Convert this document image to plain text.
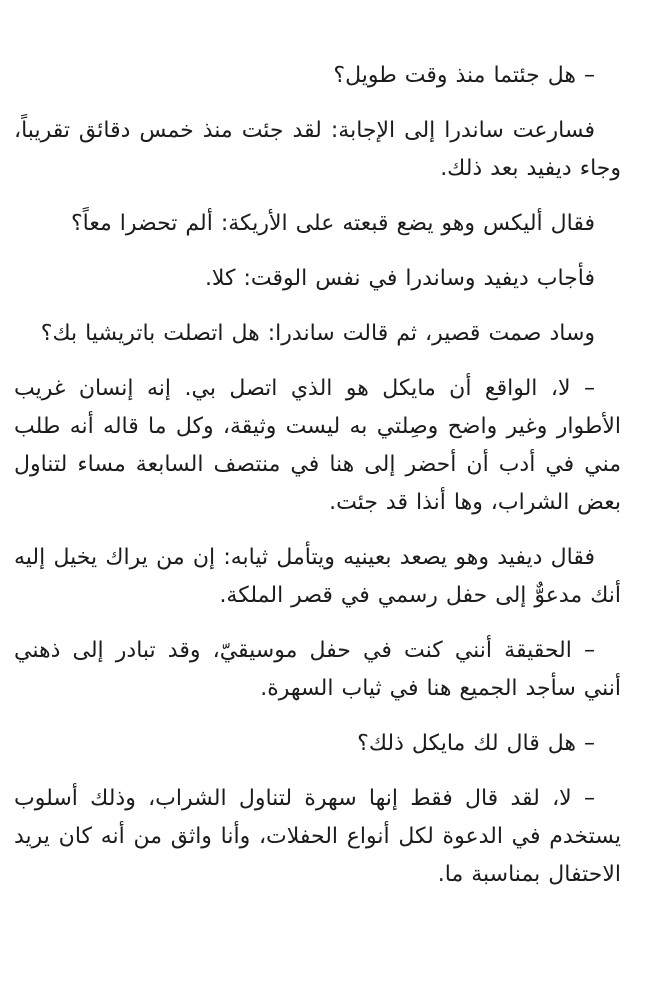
– هل جئتما منذ وقت طويل؟

فسارعت ساندرا إلى الإجابة: لقد جئت منذ خمس دقائق تقريباً، وجاء ديفيد بعد ذلك.

فقال أليكس وهو يضع قبعته على الأريكة: ألم تحضرا معاً؟

فأجاب ديفيد وساندرا في نفس الوقت: كلا.

وساد صمت قصير، ثم قالت ساندرا: هل اتصلت باتريشيا بك؟

– لا، الواقع أن مايكل هو الذي اتصل بي. إنه إنسان غريب الأطوار وغير واضح وصِلتي به ليست وثيقة، وكل ما قاله أنه طلب مني في أدب أن أحضر إلى هنا في منتصف السابعة مساء لتناول بعض الشراب، وها أنذا قد جئت.

فقال ديفيد وهو يصعد بعينيه ويتأمل ثيابه: إن من يراك يخيل إليه أنك مدعوٌّ إلى حفل رسمي في قصر الملكة.

– الحقيقة أنني كنت في حفل موسيقيّ، وقد تبادر إلى ذهني أنني سأجد الجميع هنا في ثياب السهرة.

– هل قال لك مايكل ذلك؟

– لا، لقد قال فقط إنها سهرة لتناول الشراب، وذلك أسلوب يستخدم في الدعوة لكل أنواع الحفلات، وأنا واثق من أنه كان يريد الاحتفال بمناسبة ما.
